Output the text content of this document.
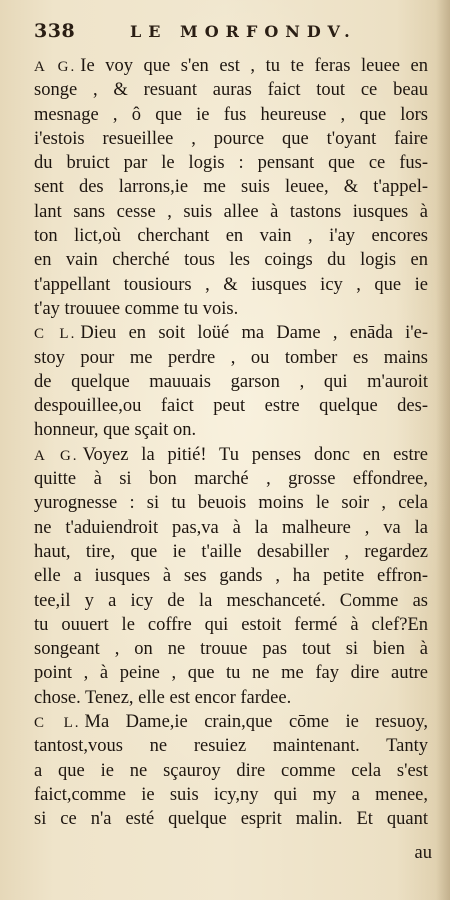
338	LE MORFONDV.
A G. Ie voy que s'en est , tu te feras leuee en
songe , & resuant auras faict tout ce beau
mesnage , ô que ie fus heureuse , que lors
i'estois resueillee , pource que t'oyant faire
du bruict par le logis : pensant que ce fus-
sent des larrons,ie me suis leuee, & t'appel-
lant sans cesse , suis allee à tastons iusques à
ton lict,où cherchant en vain , i'ay encores
en vain cherché tous les coings du logis en
t'appellant tousiours , & iusques icy , que ie
t'ay trouuee comme tu vois.
C L. Dieu en soit loüé ma Dame , enāda i'e-
stoy pour me perdre , ou tomber es mains
de quelque mauuais garson , qui m'auroit
despouillee,ou faict peut estre quelque des-
honneur, que sçait on.
A G. Voyez la pitié! Tu penses donc en estre
quitte à si bon marché , grosse effondree,
yurognesse : si tu beuois moins le soir , cela
ne t'aduiendroit pas,va à la malheure , va la
haut, tire, que ie t'aille desabiller , regardez
elle a iusques à ses gands , ha petite effron-
tee,il y a icy de la meschanceté. Comme as
tu ouuert le coffre qui estoit fermé à clef?En
songeant , on ne trouue pas tout si bien à
point , à peine , que tu ne me fay dire autre
chose. Tenez, elle est encor fardee.
C L. Ma Dame,ie crain,que cōme ie resuoy,
tantost,vous ne resuiez maintenant. Tanty
a que ie ne sçauroy dire comme cela s'est
faict,comme ie suis icy,ny qui my a menee,
si ce n'a esté quelque esprit malin. Et quant
au
